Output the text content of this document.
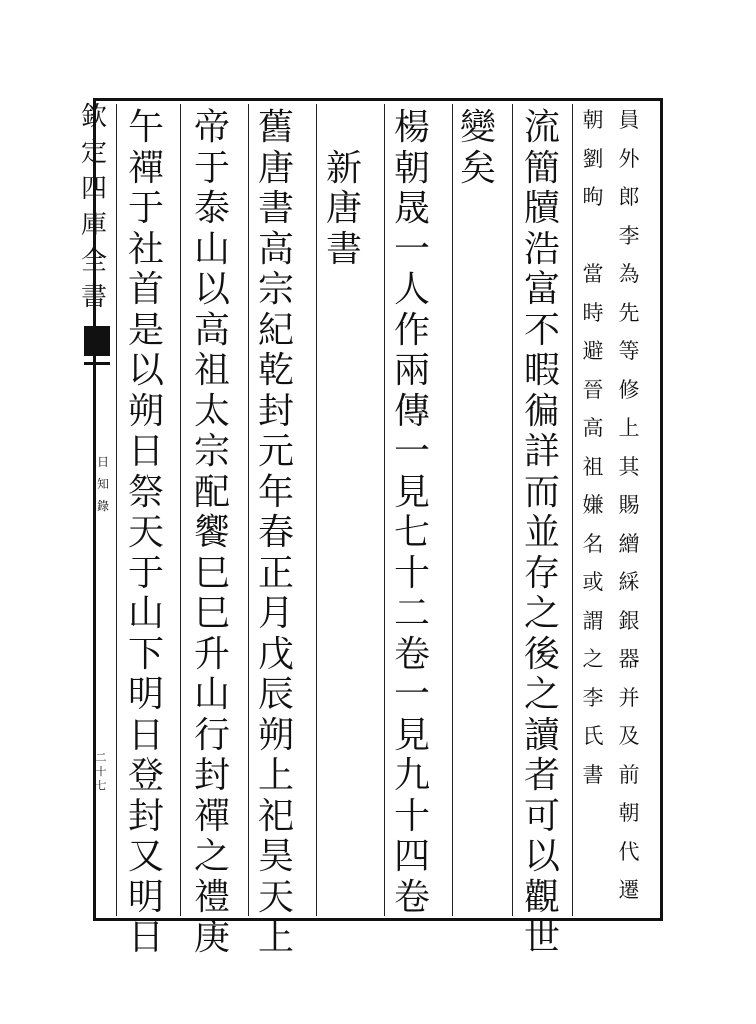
欽
定
四
庫
全
書
日
知
錄
二
十
七
員
外
郎
李
為
先
等
修
上
其
賜
繒
綵
銀
器
并
及
前
朝
代
遷
朝
劉
昫

當
時
避
晉
高
祖
嫌
名
或
謂
之
李
氏
書
流
簡
牘
浩
富
不
暇
徧
詳
而
並
存
之
後
之
讀
者
可
以
觀
世
變
矣
楊
朝
晟
一
人
作
兩
傳
一
見
七
十
二
卷
一
見
九
十
四
卷

新
唐
書
舊
唐
書
高
宗
紀
乾
封
元
年
春
正
月
戊
辰
朔
上
祀
昊
天
上
帝
于
泰
山
以
高
祖
太
宗
配
饗
巳
巳
升
山
行
封
禪
之
禮
庚
午
禪
于
社
首
是
以
朔
日
祭
天
于
山
下
明
日
登
封
又
明
日
